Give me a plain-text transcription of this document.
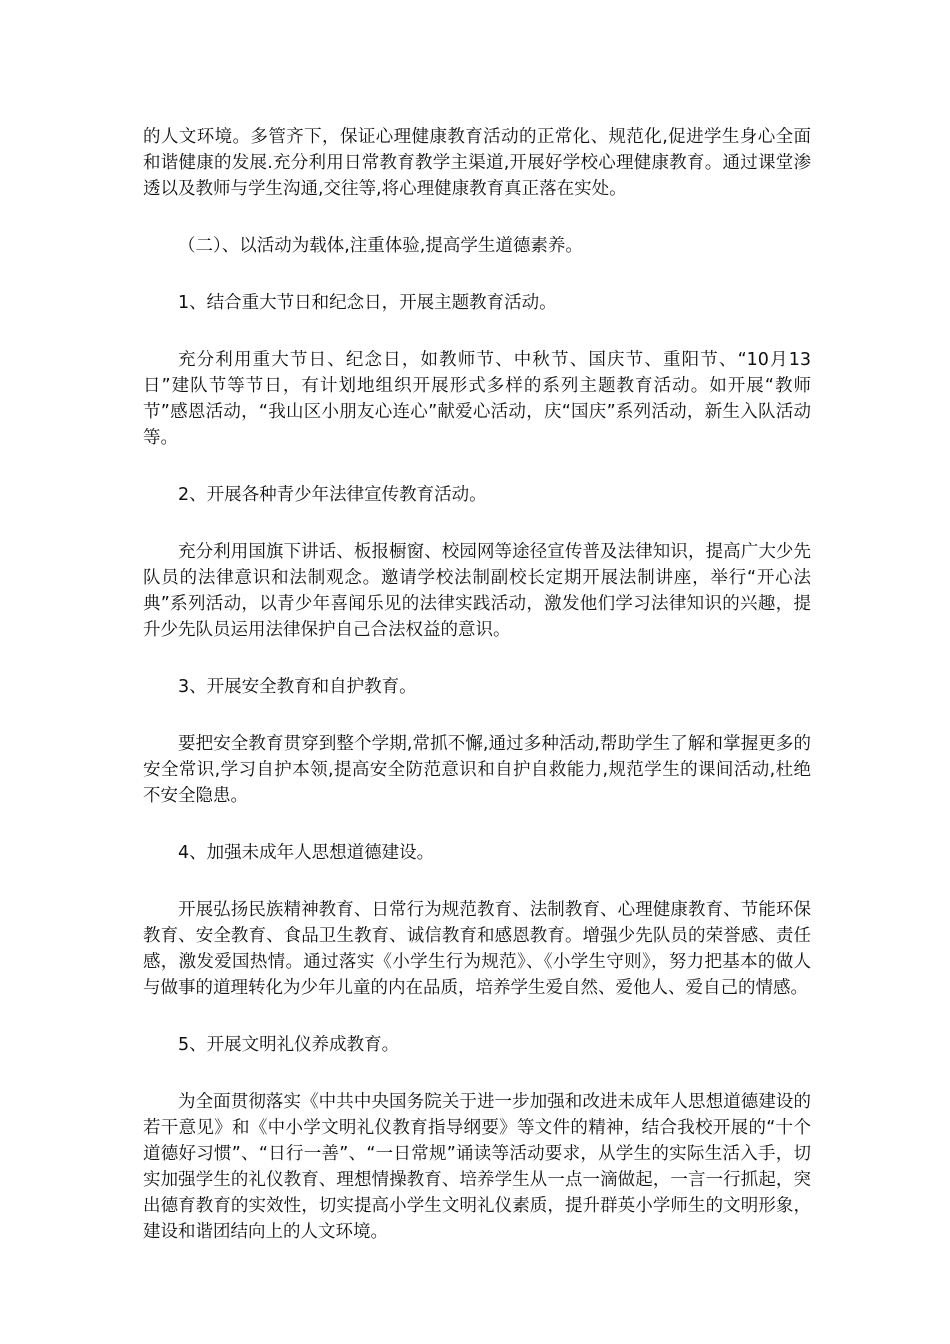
的人文环境。多管齐下，保证心理健康教育活动的正常化、规范化,促进学生身心全面和谐健康的发展.充分利用日常教育教学主渠道,开展好学校心理健康教育。通过课堂渗透以及教师与学生沟通,交往等,将心理健康教育真正落在实处。

（二）、以活动为载体,注重体验,提高学生道德素养。

1、结合重大节日和纪念日，开展主题教育活动。

充分利用重大节日、纪念日，如教师节、中秋节、国庆节、重阳节、“10月13日”建队节等节日，有计划地组织开展形式多样的系列主题教育活动。如开展“教师节”感恩活动，“我山区小朋友心连心”献爱心活动，庆“国庆”系列活动，新生入队活动等。

2、开展各种青少年法律宣传教育活动。

充分利用国旗下讲话、板报橱窗、校园网等途径宣传普及法律知识，提高广大少先队员的法律意识和法制观念。邀请学校法制副校长定期开展法制讲座，举行“开心法典”系列活动，以青少年喜闻乐见的法律实践活动，激发他们学习法律知识的兴趣，提升少先队员运用法律保护自己合法权益的意识。

3、开展安全教育和自护教育。

要把安全教育贯穿到整个学期,常抓不懈,通过多种活动,帮助学生了解和掌握更多的安全常识,学习自护本领,提高安全防范意识和自护自救能力,规范学生的课间活动,杜绝不安全隐患。

4、加强未成年人思想道德建设。

开展弘扬民族精神教育、日常行为规范教育、法制教育、心理健康教育、节能环保教育、安全教育、食品卫生教育、诚信教育和感恩教育。增强少先队员的荣誉感、责任感，激发爱国热情。通过落实《小学生行为规范》、《小学生守则》，努力把基本的做人与做事的道理转化为少年儿童的内在品质，培养学生爱自然、爱他人、爱自己的情感。

5、开展文明礼仪养成教育。

为全面贯彻落实《中共中央国务院关于进一步加强和改进未成年人思想道德建设的若干意见》和《中小学文明礼仪教育指导纲要》等文件的精神，结合我校开展的“十个道德好习惯”、“日行一善”、“一日常规”诵读等活动要求，从学生的实际生活入手，切实加强学生的礼仪教育、理想情操教育、培养学生从一点一滴做起，一言一行抓起，突出德育教育的实效性，切实提高小学生文明礼仪素质，提升群英小学师生的文明形象，建设和谐团结向上的人文环境。
